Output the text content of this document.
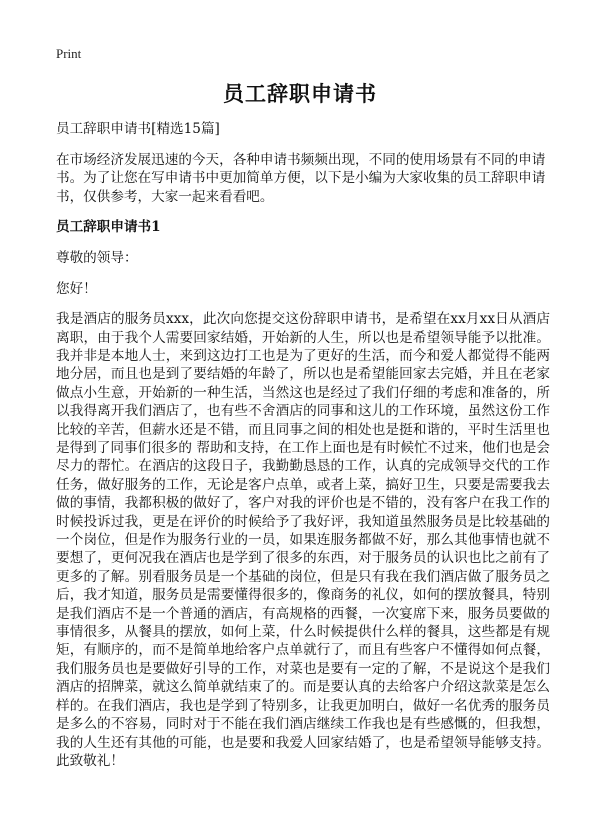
Print
员工辞职申请书

员工辞职申请书[精选15篇]

在市场经济发展迅速的今天，各种申请书频频出现，不同的使用场景有不同的申请书。为了让您在写申请书中更加简单方便，以下是小编为大家收集的员工辞职申请书，仅供参考，大家一起来看看吧。

员工辞职申请书1

尊敬的领导：

您好！

我是酒店的服务员xxx，此次向您提交这份辞职申请书，是希望在xx月xx日从酒店离职，由于我个人需要回家结婚，开始新的人生，所以也是希望领导能予以批准。我并非是本地人士，来到这边打工也是为了更好的生活，而今和爱人都觉得不能两地分居，而且也是到了要结婚的年龄了，所以也是希望能回家去完婚，并且在老家做点小生意，开始新的一种生活，当然这也是经过了我们仔细的考虑和准备的，所以我得离开我们酒店了，也有些不舍酒店的同事和这儿的工作环境，虽然这份工作比较的辛苦，但薪水还是不错，而且同事之间的相处也是挺和谐的，平时生活里也是得到了同事们很多的 帮助和支持，在工作上面也是有时候忙不过来，他们也是会尽力的帮忙。在酒店的这段日子，我勤勤恳恳的工作，认真的完成领导交代的工作任务，做好服务的工作，无论是客户点单，或者上菜，搞好卫生，只要是需要我去做的事情，我都积极的做好了，客户对我的评价也是不错的，没有客户在我工作的时候投诉过我，更是在评价的时候给予了我好评，我知道虽然服务员是比较基础的一个岗位，但是作为服务行业的一员，如果连服务都做不好，那么其他事情也就不要想了，更何况我在酒店也是学到了很多的东西，对于服务员的认识也比之前有了更多的了解。别看服务员是一个基础的岗位，但是只有我在我们酒店做了服务员之后，我才知道，服务员是需要懂得很多的，像商务的礼仪，如何的摆放餐具，特别是我们酒店不是一个普通的酒店，有高规格的西餐，一次宴席下来，服务员要做的事情很多，从餐具的摆放，如何上菜，什么时候提供什么样的餐具，这些都是有规矩，有顺序的，而不是简单地给客户点单就行了，而且有些客户不懂得如何点餐，我们服务员也是要做好引导的工作，对菜也是要有一定的了解，不是说这个是我们酒店的招牌菜，就这么简单就结束了的。而是要认真的去给客户介绍这款菜是怎么样的。在我们酒店，我也是学到了特别多，让我更加明白，做好一名优秀的服务员是多么的不容易，同时对于不能在我们酒店继续工作我也是有些感慨的，但我想，我的人生还有其他的可能，也是要和我爱人回家结婚了，也是希望领导能够支持。此致敬礼！
